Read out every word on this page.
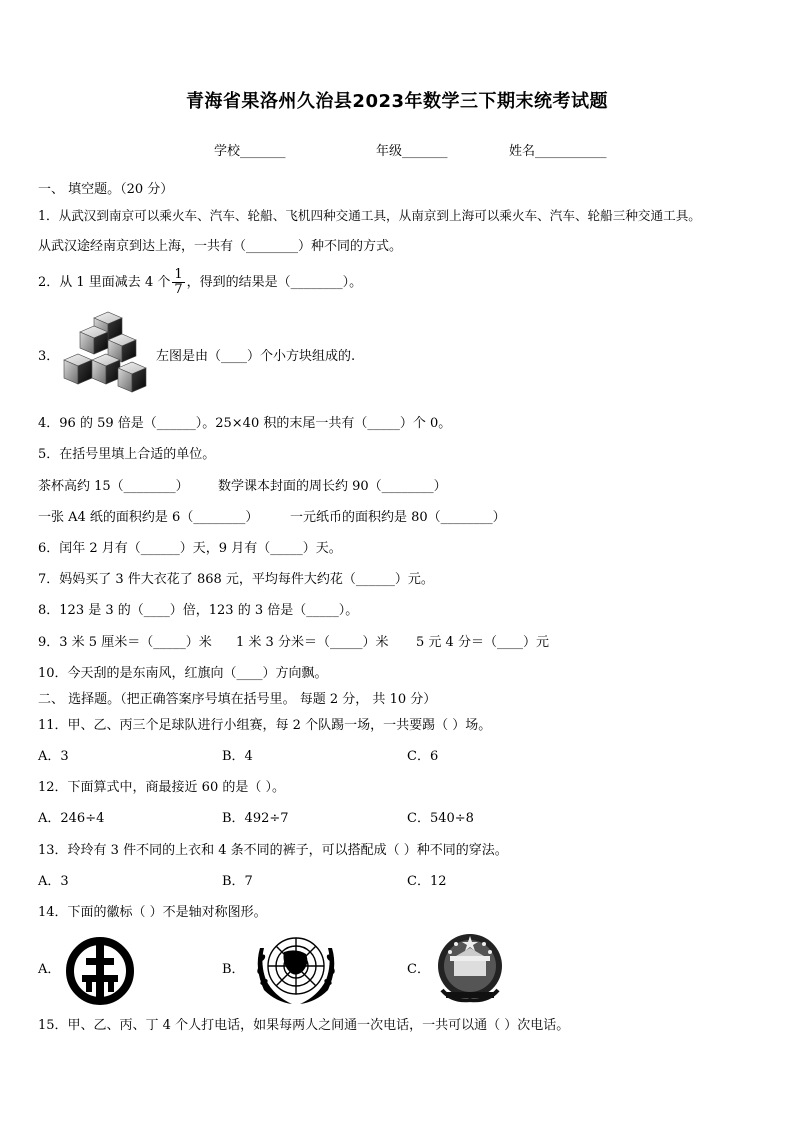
青海省果洛州久治县2023年数学三下期末统考试题
学校_______	年级_______	姓名___________
一、 填空题。（20 分）
1．从武汉到南京可以乘火车、汽车、轮船、飞机四种交通工具，从南京到上海可以乘火车、汽车、轮船三种交通工具。
从武汉途经南京到达上海，一共有（________）种不同的方式。
2．从 1 里面减去 4 个 $\frac{1}{7}$ ，得到的结果是（________）。
3．	左图是由（____）个小方块组成的.
4．96 的 59 倍是（______）。25×40 积的末尾一共有（_____）个 0。
5．在括号里填上合适的单位。
茶杯高约 15（________） 数学课本封面的周长约 90（________）
一张 A4 纸的面积约是 6（________） 一元纸币的面积约是 80（________）
6．闰年 2 月有（______）天，9 月有（_____）天。
7．妈妈买了 3 件大衣花了 868 元，平均每件大约花（______）元。
8．123 是 3 的（____）倍，123 的 3 倍是（_____）。
9．3 米 5 厘米＝（_____）米 1 米 3 分米＝（_____）米 5 元 4 分＝（____）元
10．今天刮的是东南风，红旗向（____）方向飘。
二、 选择题。（把正确答案序号填在括号里。 每题 2 分， 共 10 分）
11．甲、乙、丙三个足球队进行小组赛，每 2 个队踢一场，一共要踢（ ）场。
A．3	B．4	C．6
12．下面算式中，商最接近 60 的是（ ）。
A．246÷4	B．492÷7	C．540÷8
13．玲玲有 3 件不同的上衣和 4 条不同的裤子，可以搭配成（ ）种不同的穿法。
A．3	B．7	C．12
14．下面的徽标（ ）不是轴对称图形。
A．	B．	C．
15．甲、乙、丙、丁 4 个人打电话，如果每两人之间通一次电话，一共可以通（ ）次电话。
